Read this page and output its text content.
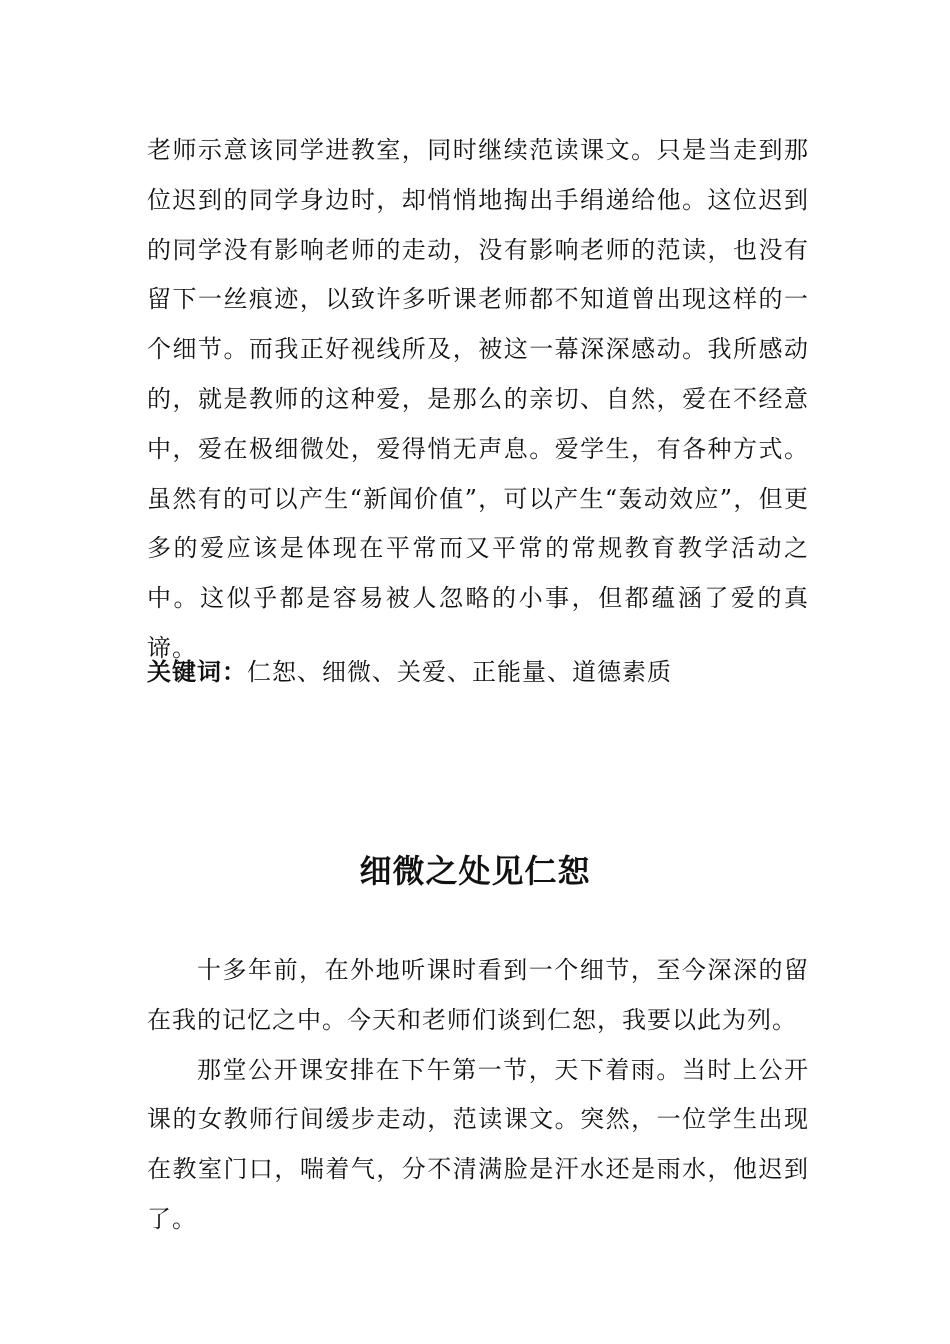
老师示意该同学进教室，同时继续范读课文。只是当走到那位迟到的同学身边时，却悄悄地掏出手绢递给他。这位迟到的同学没有影响老师的走动，没有影响老师的范读，也没有留下一丝痕迹，以致许多听课老师都不知道曾出现这样的一个细节。而我正好视线所及，被这一幕深深感动。我所感动的，就是教师的这种爱，是那么的亲切、自然，爱在不经意中，爱在极细微处，爱得悄无声息。爱学生，有各种方式。虽然有的可以产生“新闻价值”，可以产生“轰动效应”，但更多的爱应该是体现在平常而又平常的常规教育教学活动之中。这似乎都是容易被人忽略的小事，但都蕴涵了爱的真谛。

关键词：仁恕、细微、关爱、正能量、道德素质
细微之处见仁恕

十多年前，在外地听课时看到一个细节，至今深深的留在我的记忆之中。今天和老师们谈到仁恕，我要以此为列。

那堂公开课安排在下午第一节，天下着雨。当时上公开课的女教师行间缓步走动，范读课文。突然，一位学生出现在教室门口，喘着气，分不清满脸是汗水还是雨水，他迟到了。
